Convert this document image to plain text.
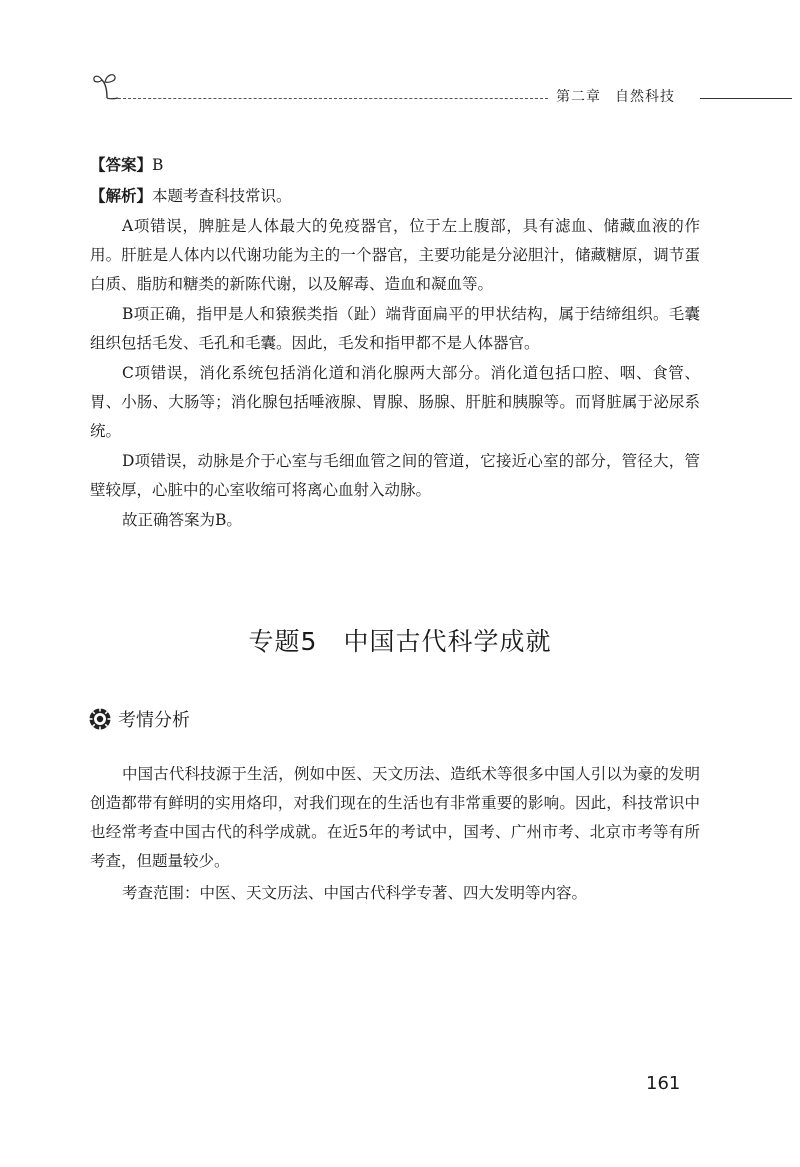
第二章 自然科技

【答案】B

【解析】本题考查科技常识。

A项错误，脾脏是人体最大的免疫器官，位于左上腹部，具有滤血、储藏血液的作用。肝脏是人体内以代谢功能为主的一个器官，主要功能是分泌胆汁，储藏糖原，调节蛋白质、脂肪和糖类的新陈代谢，以及解毒、造血和凝血等。

B项正确，指甲是人和猿猴类指（趾）端背面扁平的甲状结构，属于结缔组织。毛囊组织包括毛发、毛孔和毛囊。因此，毛发和指甲都不是人体器官。

C项错误，消化系统包括消化道和消化腺两大部分。消化道包括口腔、咽、食管、胃、小肠、大肠等；消化腺包括唾液腺、胃腺、肠腺、肝脏和胰腺等。而肾脏属于泌尿系统。

D项错误，动脉是介于心室与毛细血管之间的管道，它接近心室的部分，管径大，管壁较厚，心脏中的心室收缩可将离心血射入动脉。

故正确答案为B。

专题5 中国古代科学成就
考情分析

中国古代科技源于生活，例如中医、天文历法、造纸术等很多中国人引以为豪的发明创造都带有鲜明的实用烙印，对我们现在的生活也有非常重要的影响。因此，科技常识中也经常考查中国古代的科学成就。在近5年的考试中，国考、广州市考、北京市考等有所考查，但题量较少。

考查范围：中医、天文历法、中国古代科学专著、四大发明等内容。

161
